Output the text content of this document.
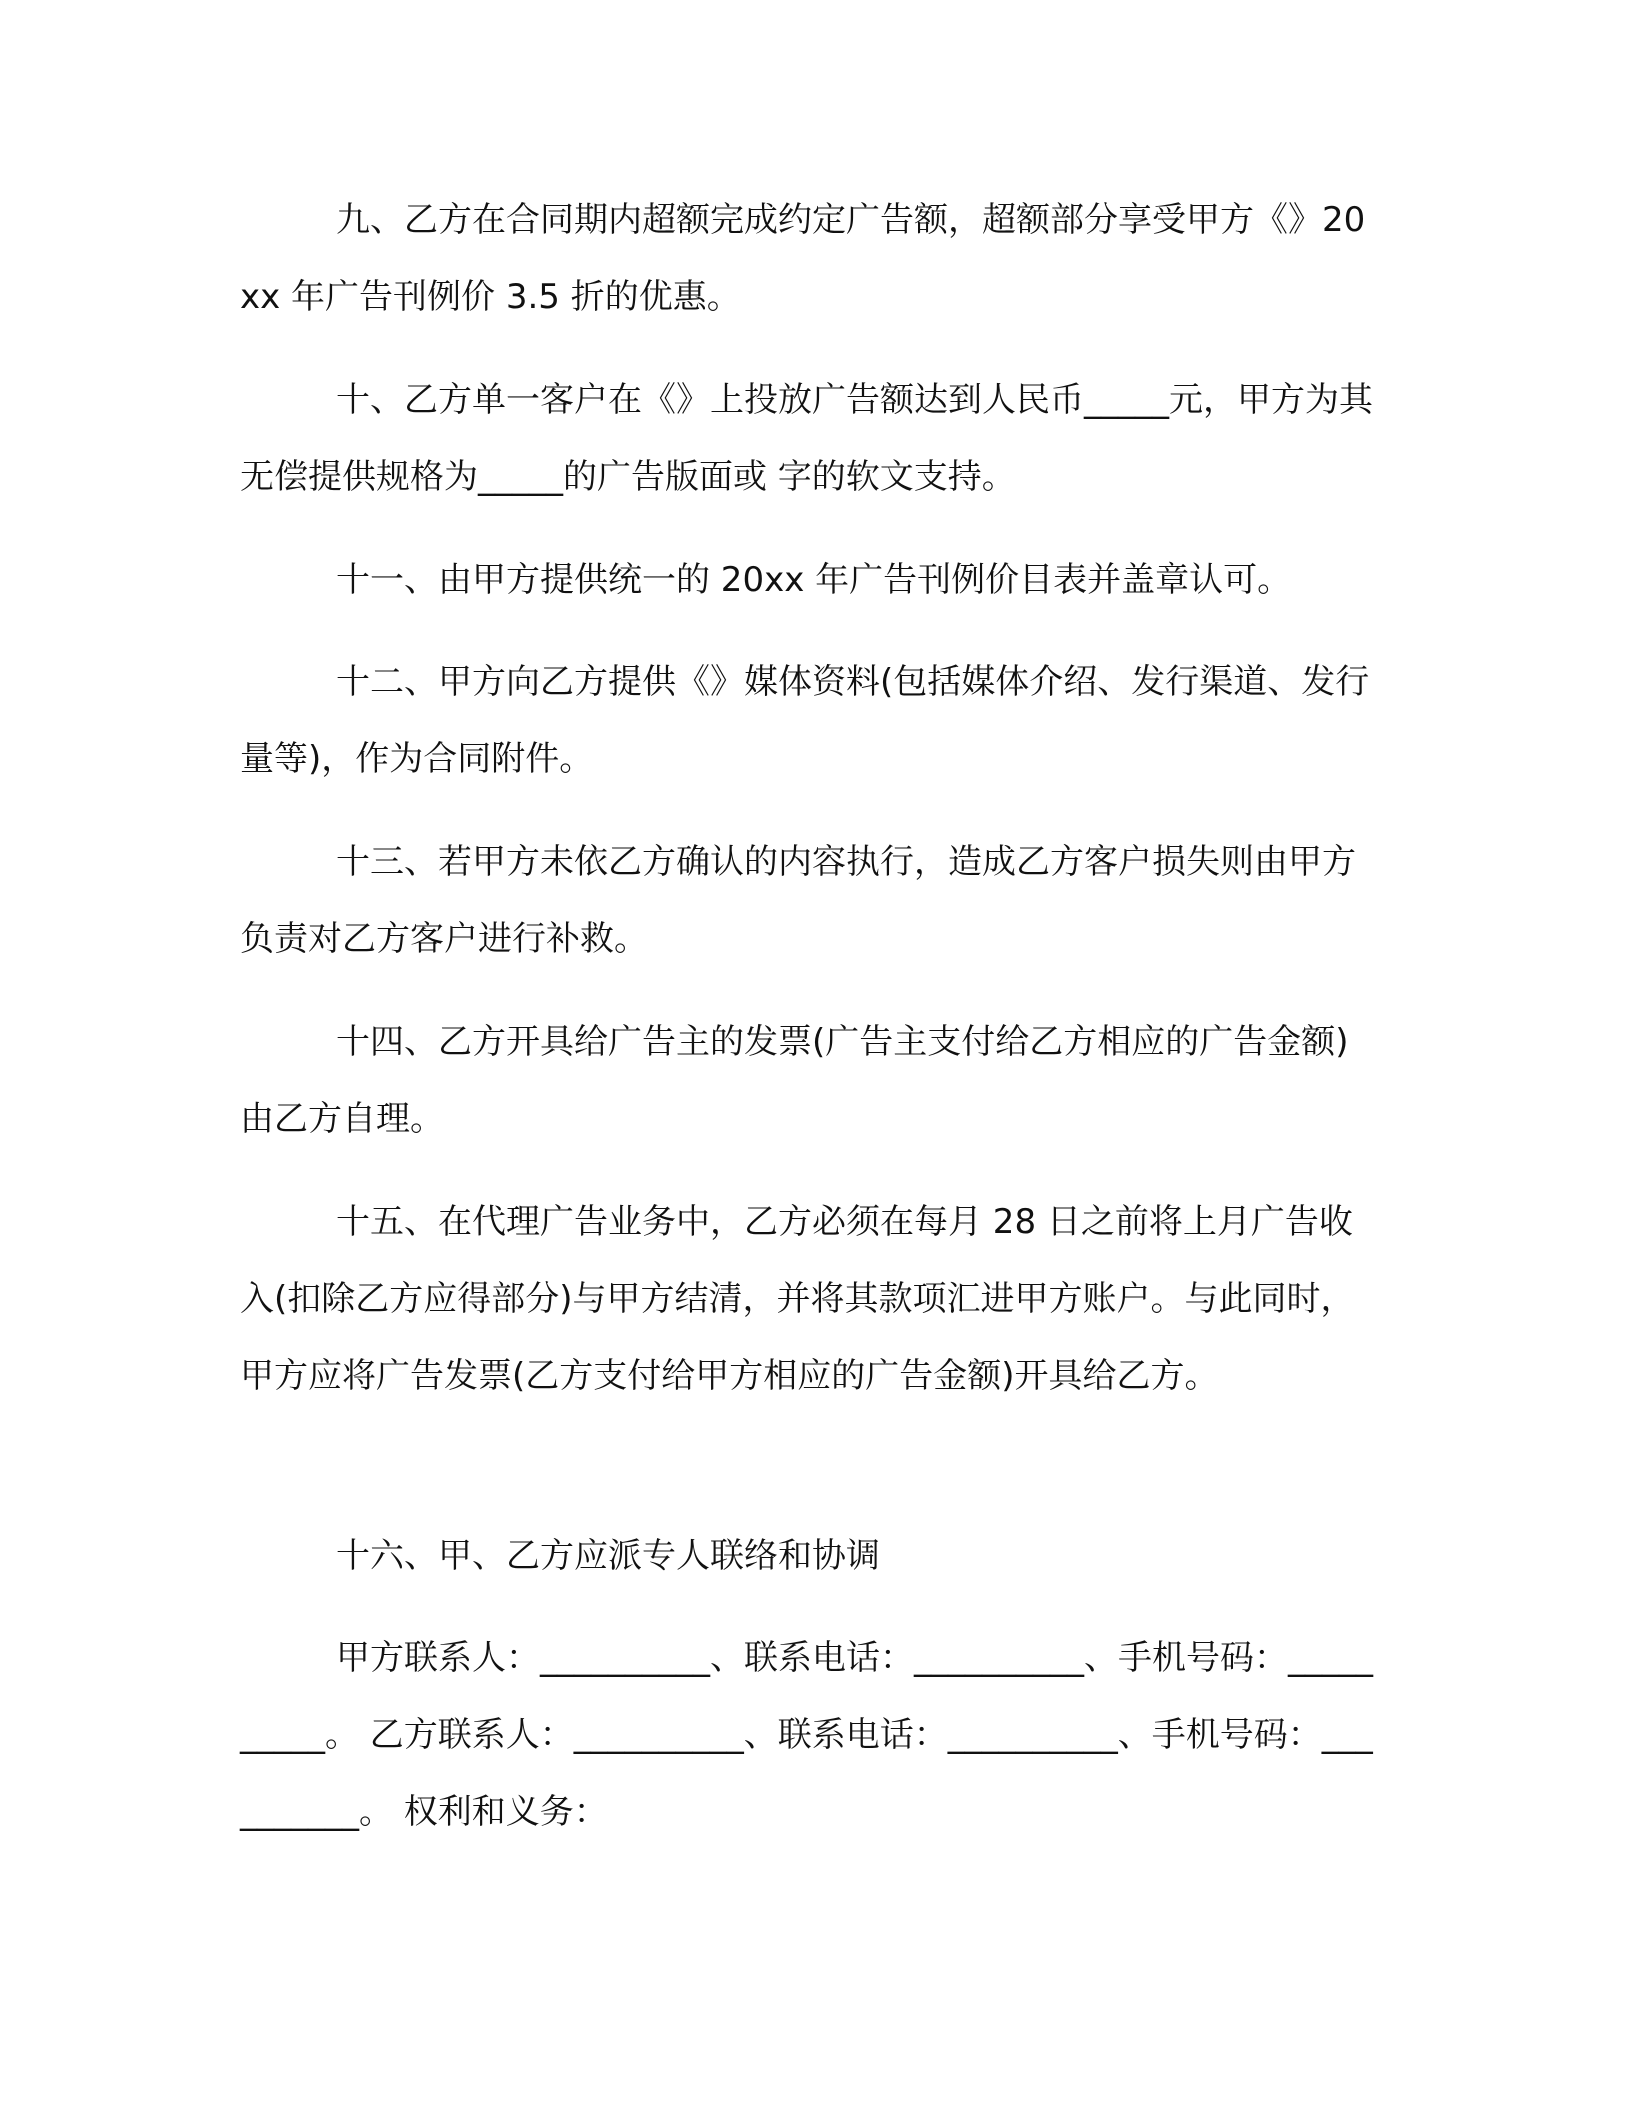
九、乙方在合同期内超额完成约定广告额，超额部分享受甲方《》20xx 年广告刊例价 3.5 折的优惠。

十、乙方单一客户在《》上投放广告额达到人民币_____元，甲方为其无偿提供规格为_____的广告版面或 字的软文支持。

十一、由甲方提供统一的 20xx 年广告刊例价目表并盖章认可。

十二、甲方向乙方提供《》媒体资料(包括媒体介绍、发行渠道、发行量等)，作为合同附件。

十三、若甲方未依乙方确认的内容执行，造成乙方客户损失则由甲方负责对乙方客户进行补救。

十四、乙方开具给广告主的发票(广告主支付给乙方相应的广告金额)由乙方自理。

十五、在代理广告业务中，乙方必须在每月 28 日之前将上月广告收入(扣除乙方应得部分)与甲方结清，并将其款项汇进甲方账户。与此同时，甲方应将广告发票(乙方支付给甲方相应的广告金额)开具给乙方。

十六、甲、乙方应派专人联络和协调

甲方联系人：__________、联系电话：__________、手机号码：__________。 乙方联系人：__________、联系电话：__________、手机号码：__________。 权利和义务：
